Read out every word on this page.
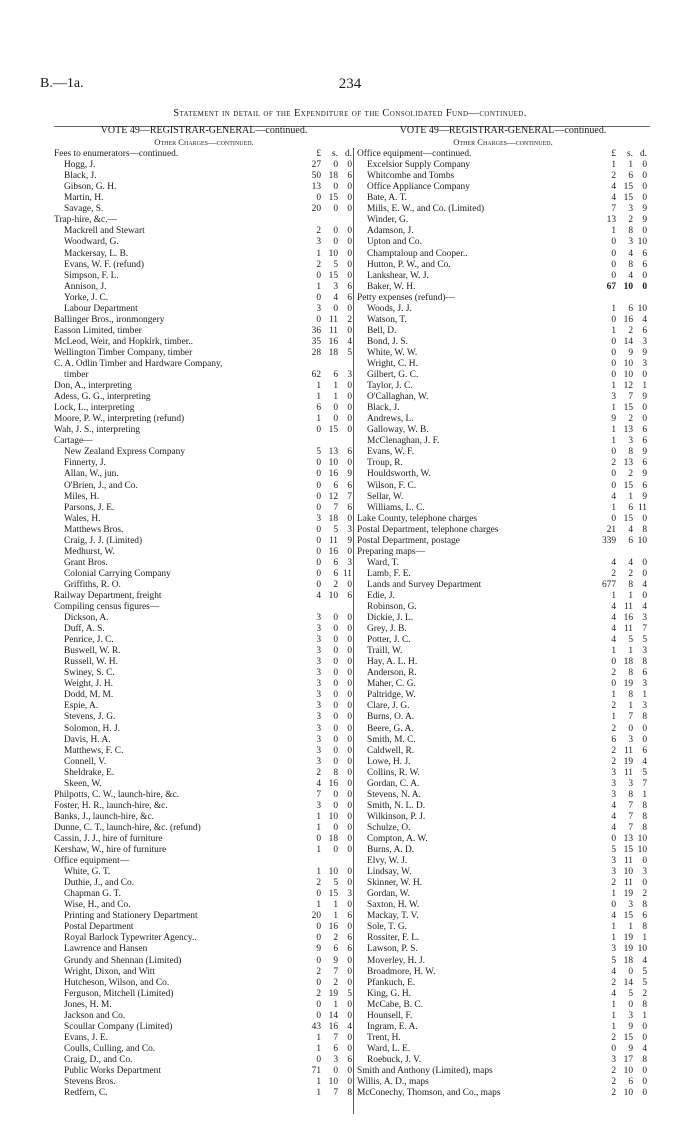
B.—1a.	234
Statement in detail of the Expenditure of the Consolidated Fund—continued.
VOTE 49—REGISTRAR-GENERAL—continued.
Other Charges—continued.
Fees to enumerators—continued.	£	s. d.
Hogg, J.	27	0 0
Black, J.	50 18 6
Gibson, G. H.	13	0 0
Martin, H.	0 15 0
Savage, S.	20	0 0
Trap-hire, &c.—
Mackrell and Stewart	2	0 0
Woodward, G.	3	0 0
Mackersay, L. B.	1 10 0
Evans, W. F. (refund)	2	5 0
Simpson, F. L.	0 15 0
Annison, J.	1	3 6
Yorke, J. C.	0	4 6
Labour Department	3	0 0
Ballinger Bros., ironmongery	0 11 2
Easson Limited, timber	36 11 0
McLeod, Weir, and Hopkirk, timber..	35 16 4
Wellington Timber Company, timber	28 18 5
C. A. Odlin Timber and Hardware Company,
timber	62	6 3
Don, A., interpreting	1	1 0
Adess, G. G., interpreting	1	1 0
Lock, L., interpreting	6	0 0
Moore, P. W., interpreting (refund)	1	0 0
Wah, J. S., interpreting	0 15 0
Cartage—
New Zealand Express Company	5 13 6
Finnerty, J.	0 10 0
Allan, W., jun.	0 16 9
O'Brien, J., and Co.	0	6 6
Miles, H.	0 12 7
Parsons, J. E.	0	7 6
Wales, H.	3 18 0
Matthews Bros.	0	5 3
Craig, J. J. (Limited)	0 11 9
Medhurst, W.	0 16 0
Grant Bros.	0	6 3
Colonial Carrying Company	0	6 11
Griffiths, R. O.	0	2 0
Railway Department, freight	4 10 6
Compiling census figures—
Dickson, A.	3	0 0
Duff, A. S.	3	0 0
Penrice, J. C.	3	0 0
Buswell, W. R.	3	0 0
Russell, W. H.	3	0 0
Swiney, S. C.	3	0 0
Weight, J. H.	3	0 0
Dodd, M. M.	3	0 0
Espie, A.	3	0 0
Stevens, J. G.	3	0 0
Solomon, H. J.	3	0 0
Davis, H. A.	3	0 0
Matthews, F. C.	3	0 0
Connell, V.	3	0 0
Sheldrake, E.	2	8 0
Skeen, W.	4 16 0
Philpotts, C. W., launch-hire, &c.	7	0 0
Foster, H. R., launch-hire, &c.	3	0 0
Banks, J., launch-hire, &c.	1 10 0
Dunne, C. T., launch-hire, &c. (refund)	1	0 0
Cassin, J. J., hire of furniture	0 18 0
Kershaw, W., hire of furniture	1	0 0
Office equipment—
White, G. T.	1 10 0
Duthie, J., and Co.	2	5 0
Chapman G. T.	0 15 3
Wise, H., and Co.	1	1 0
Printing and Stationery Department	20	1 6
Postal Department	0 16 0
Royal Barlock Typewriter Agency..	0	2 6
Lawrence and Hansen	9	6 6
Grundy and Shennan (Limited)	0	9 0
Wright, Dixon, and Witt	2	7 0
Hutcheson, Wilson, and Co.	0	2 0
Ferguson, Mitchell (Limited)	2 19 5
Jones, H. M.	0	1 0
Jackson and Co.	0 14 0
Scoullar Company (Limited)	43 16 4
Evans, J. E.	1	7 0
Coulls, Culling, and Co.	1	6 0
Craig, D., and Co.	0	3 6
Public Works Department	71	0 0
Stevens Bros.	1 10 0
Redfern, C.	1	7 8
VOTE 49—REGISTRAR-GENERAL—continued.
Other Charges—continued.
Office equipment—continued.	£	s. d.
Excelsior Supply Company	1	1 0
Whitcombe and Tombs	2	6 0
Office Appliance Company	4 15 0
Bate, A. T.	4 15 0
Mills, E. W., and Co. (Limited)	7	3 9
Winder, G.	13	2 9
Adamson, J.	1	8 0
Upton and Co.	0	3 10
Champtaloup and Cooper..	0	4 6
Hutton, P. W., and Co.	0	8 6
Lankshear, W. J.	0	4 0
Baker, W. H.	67 10 0
Petty expenses (refund)—
Woods, J. J.	1	6 10
Watson, T.	0 16 4
Bell, D.	1	2 6
Bond, J. S.	0 14 3
White, W. W.	0	9 9
Wright, C. H.	0 10 3
Gilbert, G. C.	0 10 0
Taylor, J. C.	1 12 1
O'Callaghan, W.	3	7 9
Black, J.	1 15 0
Andrews, L.	9	2 0
Galloway, W. B.	1 13 6
McClenaghan, J. F.	1	3 6
Evans, W. F.	0	8 9
Troup, R.	2 13 6
Houldsworth, W.	0	2 9
Wilson, F. C.	0 15 6
Sellar, W.	4	1 9
Williams, L. C.	1	6 11
Lake County, telephone charges	0 15 0
Postal Department, telephone charges	21	4 8
Postal Department, postage	339	6 10
Preparing maps—
Ward, T.	4	4 0
Lamb, F. E.	2	2 0
Lands and Survey Department	677	8 4
Edie, J.	1	1 0
Robinson, G.	4 11 4
Dickie, J. L.	4 16 3
Grey, J. B.	4 11 7
Potter, J. C.	4	5 5
Traill, W.	1	1 3
Hay, A. L. H.	0 18 8
Anderson, R.	2	8 6
Maher, C. G.	0 19 3
Paltridge, W.	1	8 1
Clare, J. G.	2	1 3
Burns, O. A.	1	7 8
Beere, G. A.	2	0 0
Smith, M. C.	6	3 0
Caldwell, R.	2 11 6
Lowe, H. J.	2 19 4
Collins, R. W.	3 11 5
Gordan, C. A.	3	3 7
Stevens, N. A.	3	8 1
Smith, N. L. D.	4	7 8
Wilkinson, P. J.	4	7 8
Schulze, O.	4	7 8
Compton, A. W.	0 13 10
Burns, A. D.	5 15 10
Elvy, W. J.	3 11 0
Lindsay, W.	3 10 3
Skinner, W. H.	2 11 0
Gordan, W.	1 19 2
Saxton, H. W.	0	3 8
Mackay, T. V.	4 15 6
Sole, T. G.	1	1 8
Rossiter, F. L.	1 19 1
Lawson, P. S.	3 19 10
Moverley, H. J.	5 18 4
Broadmore, H. W.	4	0 5
Pfankuch, E.	2 14 5
King, G. H.	4	5 2
McCabe, B. C.	1	0 8
Hounsell, F.	1	3 1
Ingram, E. A.	1	9 0
Trent, H.	2 15 0
Ward, L. E.	0	9 4
Roebuck, J. V.	3 17 8
Smith and Anthony (Limited), maps	2 10 0
Willis, A. D., maps	2	6 0
McConechy, Thomson, and Co., maps	2 10 0
